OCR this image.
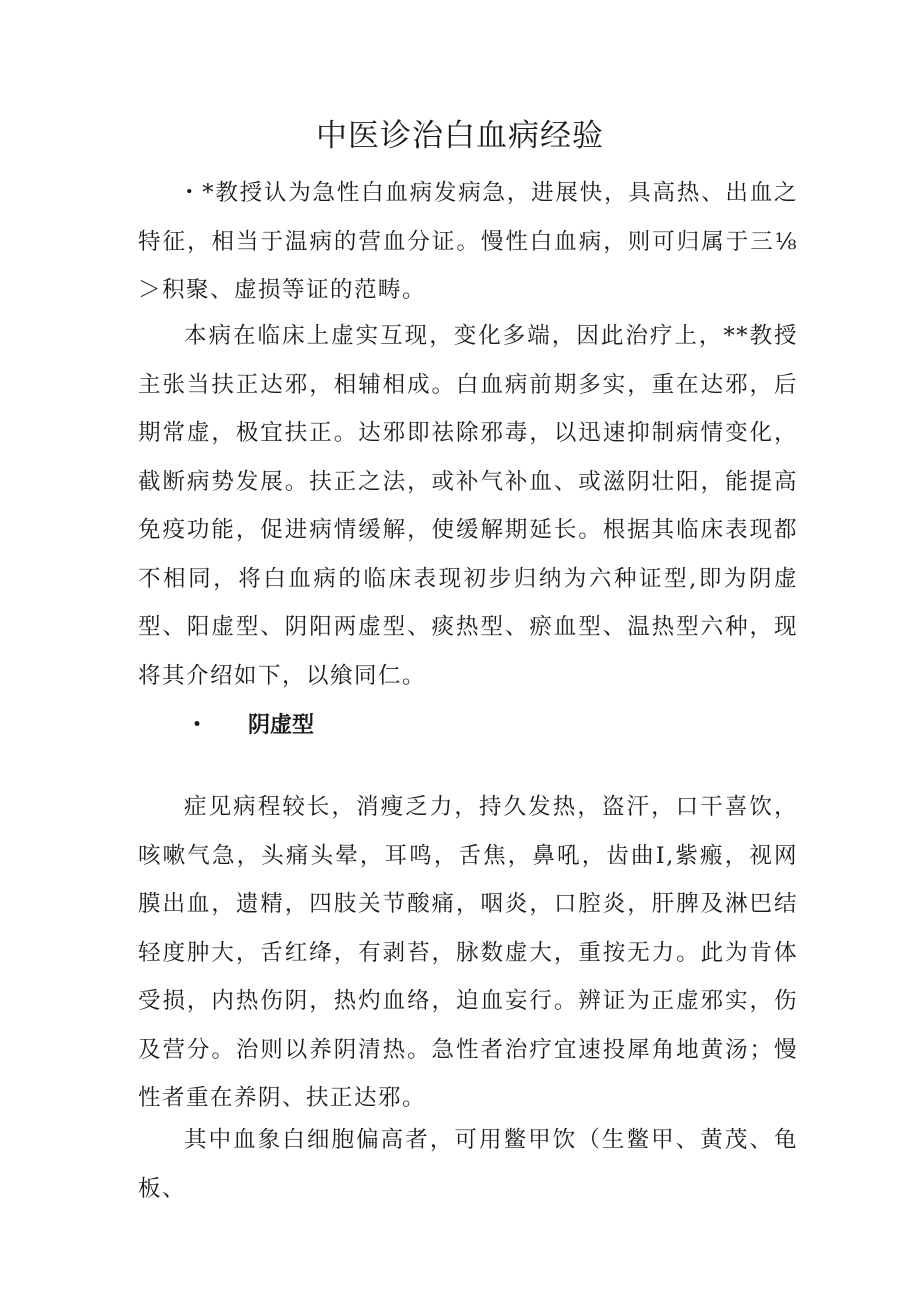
中医诊治白血病经验
・*教授认为急性白血病发病急，进展快，具高热、出血之特征，相当于温病的营血分证。慢性白血病，则可归属于三⅛＞积聚、虚损等证的范畴。
本病在临床上虚实互现，变化多端，因此治疗上，**教授主张当扶正达邪，相辅相成。白血病前期多实，重在达邪，后期常虚，极宜扶正。达邪即祛除邪毒，以迅速抑制病情变化，截断病势发展。扶正之法，或补气补血、或滋阴壮阳，能提高免疫功能，促进病情缓解，使缓解期延长。根据其临床表现都不相同，将白血病的临床表现初步归纳为六种证型,即为阴虚型、阳虚型、阴阳两虚型、痰热型、瘀血型、温热型六种，现将其介绍如下，以飨同仁。
・	阴虚型
症见病程较长，消瘦乏力，持久发热，盗汗，口干喜饮，咳嗽气急，头痛头晕，耳鸣，舌焦，鼻吼，齿曲I,紫瘢，视网膜出血，遗精，四肢关节酸痛，咽炎，口腔炎，肝脾及淋巴结轻度肿大，舌红绛，有剥苔，脉数虚大，重按无力。此为肯体受损，内热伤阴，热灼血络，迫血妄行。辨证为正虚邪实，伤及营分。治则以养阴清热。急性者治疗宜速投犀角地黄汤；慢性者重在养阴、扶正达邪。
其中血象白细胞偏高者，可用鳖甲饮（生鳖甲、黄茂、龟板、
